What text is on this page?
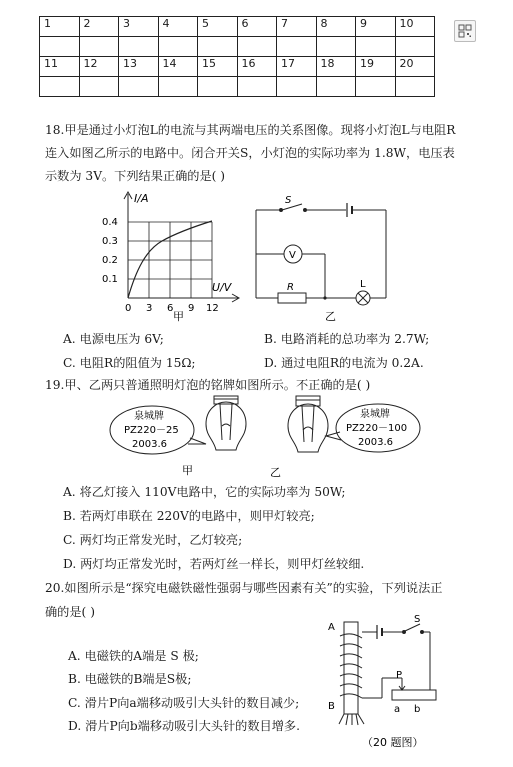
1	2	3	4	5	6	7	8	9	10

11	12	13	14	15	16	17	18	19	20

18.甲是通过小灯泡L的电流与其两端电压的关系图像。现将小灯泡L与电阻R
连入如图乙所示的电路中。闭合开关S，小灯泡的实际功率为 1.8W，电压表
示数为 3V。下列结果正确的是( )
I/A
U/V
0.4
0.3
0.2
0.1
0 3 6 9 12
甲
S
V
R	L
乙
A. 电源电压为 6V;	B. 电路消耗的总功率为 2.7W;
C. 电阻R的阻值为 15Ω;	D. 通过电阻R的电流为 0.2A.
19.甲、乙两只普通照明灯泡的铭牌如图所示。不正确的是( )
泉城牌
PZ220－25
2003.6
泉城牌
PZ220－100
2003.6
甲	乙
A. 将乙灯接入 110V电路中，它的实际功率为 50W;
B. 若两灯串联在 220V的电路中，则甲灯较亮;
C. 两灯均正常发光时，乙灯较亮;
D. 两灯均正常发光时，若两灯丝一样长，则甲灯丝较细.
20.如图所示是“探究电磁铁磁性强弱与哪些因素有关”的实验，下列说法正
确的是( )
A. 电磁铁的A端是 S 极;
B. 电磁铁的B端是S极;
C. 滑片P向a端移动吸引大头针的数目减少;
D. 滑片P向b端移动吸引大头针的数目增多.
A
B
S
P
a b
（20 题图）
